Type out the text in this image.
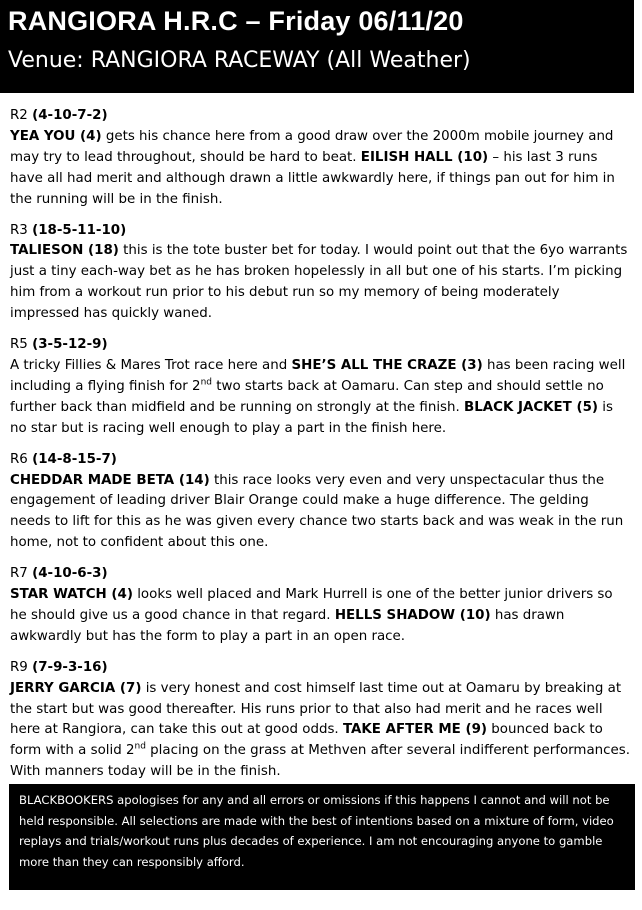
RANGIORA H.R.C – Friday 06/11/20
Venue: RANGIORA RACEWAY (All Weather)

R2 (4-10-7-2)

YEA YOU (4) gets his chance here from a good draw over the 2000m mobile journey and may try to lead throughout, should be hard to beat. EILISH HALL (10) – his last 3 runs have all had merit and although drawn a little awkwardly here, if things pan out for him in the running will be in the finish.

R3 (18-5-11-10)

TALIESON (18) this is the tote buster bet for today. I would point out that the 6yo warrants just a tiny each-way bet as he has broken hopelessly in all but one of his starts. I’m picking him from a workout run prior to his debut run so my memory of being moderately impressed has quickly waned.

R5 (3-5-12-9)

A tricky Fillies & Mares Trot race here and SHE’S ALL THE CRAZE (3) has been racing well including a flying finish for 2nd two starts back at Oamaru. Can step and should settle no further back than midfield and be running on strongly at the finish. BLACK JACKET (5) is no star but is racing well enough to play a part in the finish here.

R6 (14-8-15-7)

CHEDDAR MADE BETA (14) this race looks very even and very unspectacular thus the engagement of leading driver Blair Orange could make a huge difference. The gelding needs to lift for this as he was given every chance two starts back and was weak in the run home, not to confident about this one.

R7 (4-10-6-3)

STAR WATCH (4) looks well placed and Mark Hurrell is one of the better junior drivers so he should give us a good chance in that regard. HELLS SHADOW (10) has drawn awkwardly but has the form to play a part in an open race.

R9 (7-9-3-16)

JERRY GARCIA (7) is very honest and cost himself last time out at Oamaru by breaking at the start but was good thereafter. His runs prior to that also had merit and he races well here at Rangiora, can take this out at good odds. TAKE AFTER ME (9) bounced back to form with a solid 2nd placing on the grass at Methven after several indifferent performances. With manners today will be in the finish.

BLACKBOOKERS apologises for any and all errors or omissions if this happens I cannot and will not be held responsible. All selections are made with the best of intentions based on a mixture of form, video replays and trials/workout runs plus decades of experience. I am not encouraging anyone to gamble more than they can responsibly afford.
